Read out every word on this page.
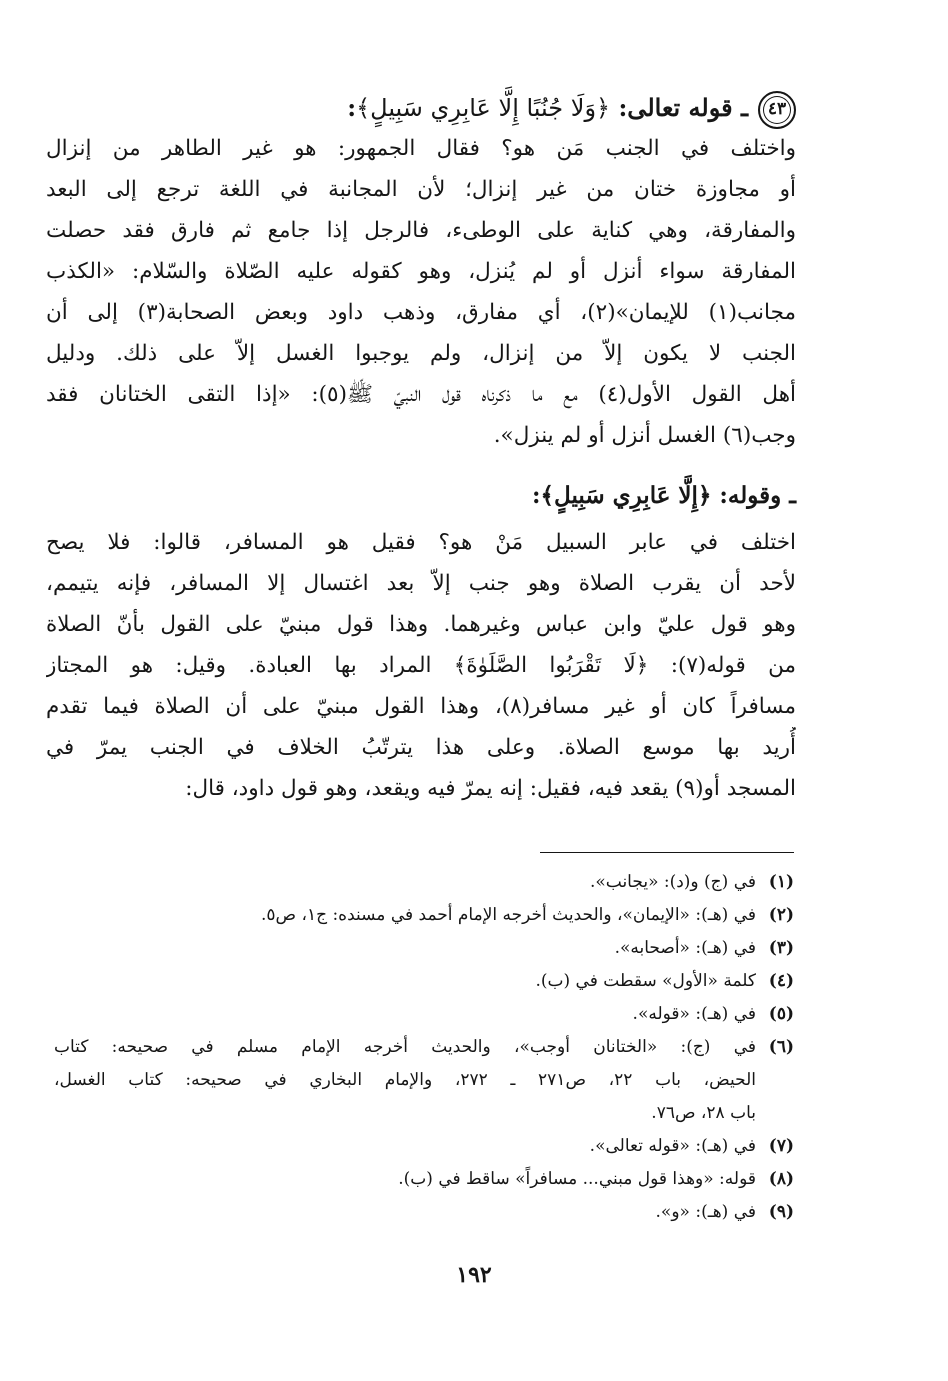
٤٣ـ قوله تعالى: ﴿وَلَا جُنُبًا إِلَّا عَابِرِي سَبِيلٍ﴾:
واختلف في الجنب مَن هو؟ فقال الجمهور: هو غير الطاهر من إنزال
أو مجاوزة ختان من غير إنزال؛ لأن المجانبة في اللغة ترجع إلى البعد
والمفارقة، وهي كناية على الوطىء، فالرجل إذا جامع ثم فارق فقد حصلت
المفارقة سواء أنزل أو لم يُنزل، وهو كقوله عليه الصّلاة والسّلام: «الكذب
مجانب(١) للإيمان»(٢)، أي مفارق، وذهب داود وبعض الصحابة(٣) إلى أن
الجنب لا يكون إلاّ من إنزال، ولم يوجبوا الغسل إلاّ على ذلك. ودليل
أهل القول الأول(٤) مع ما ذكرناه قول النبيّ ﷺ(٥): «إذا التقى الختانان فقد
وجب(٦) الغسل أنزل أو لم ينزل».
ـ وقوله: ﴿إِلَّا عَابِرِي سَبِيلٍ﴾:
اختلف في عابر السبيل مَنْ هو؟ فقيل هو المسافر، قالوا: فلا يصح
لأحد أن يقرب الصلاة وهو جنب إلاّ بعد اغتسال إلا المسافر، فإنه يتيمم،
وهو قول عليّ وابن عباس وغيرهما. وهذا قول مبنيّ على القول بأنّ الصلاة
من قوله(٧): ﴿لَا تَقْرَبُوا الصَّلَوٰةَ﴾ المراد بها العبادة. وقيل: هو المجتاز
مسافراً كان أو غير مسافر(٨)، وهذا القول مبنيّ على أن الصلاة فيما تقدم
أُريد بها موسع الصلاة. وعلى هذا يترتّبُ الخلاف في الجنب يمرّ في
المسجد أو(٩) يقعد فيه، فقيل: إنه يمرّ فيه ويقعد، وهو قول داود، قال:
(١)
في (ج) و(د): «يجانب».
(٢)
في (هـ): «الإيمان»، والحديث أخرجه الإمام أحمد في مسنده: ج١، ص٥.
(٣)
في (هـ): «أصحابه».
(٤)
كلمة «الأول» سقطت في (ب).
(٥)
في (هـ): «قوله».
(٦)
في (ج): «الختانان أوجب»، والحديث أخرجه الإمام مسلم في صحيحه: كتاب
الحيض، باب ٢٢، ص٢٧١ ـ ٢٧٢، والإمام البخاري في صحيحه: كتاب الغسل،
باب ٢٨، ص٧٦.
(٧)
في (هـ): «قوله تعالى».
(٨)
قوله: «وهذا قول مبني... مسافراً» ساقط في (ب).
(٩)
في (هـ): «و».
١٩٢
